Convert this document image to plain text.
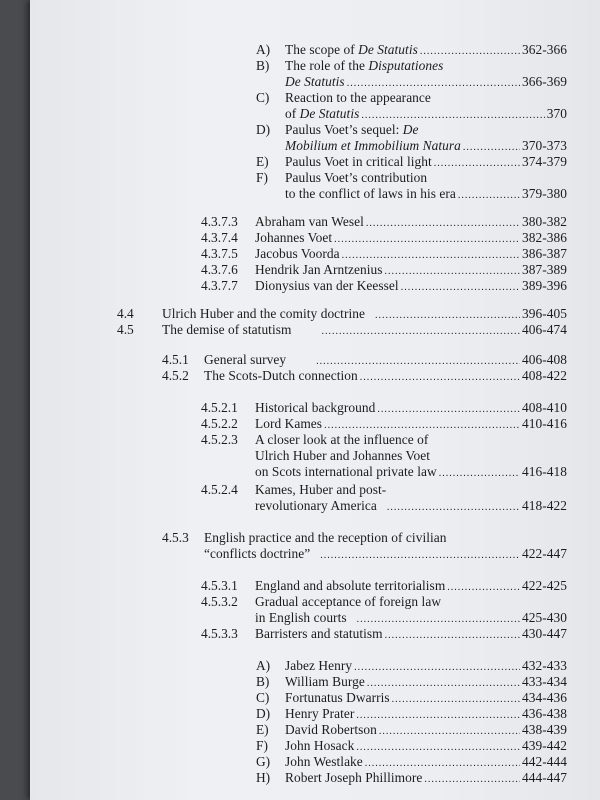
A) The scope of De Statutis .....	362-366
B) The role of the Disputationes
De Statutis .....	366-369
C) Reaction to the appearance
of De Statutis .....	370
D) Paulus Voet’s sequel: De
Mobilium et Immobilium Natura .....	370-373
E) Paulus Voet in critical light .....	374-379
F) Paulus Voet’s contribution
to the conflict of laws in his era .....	379-380
4.3.7.3 Abraham van Wesel .....	380-382
4.3.7.4 Johannes Voet .....	382-386
4.3.7.5 Jacobus Voorda .....	386-387
4.3.7.6 Hendrik Jan Arntzenius .....	387-389
4.3.7.7 Dionysius van der Keessel .....	389-396
4.4 Ulrich Huber and the comity doctrine .....	396-405
4.5 The demise of statutism .....	406-474
4.5.1 General survey .....	406-408
4.5.2 The Scots-Dutch connection .....	408-422
4.5.2.1 Historical background .....	408-410
4.5.2.2 Lord Kames .....	410-416
4.5.2.3 A closer look at the influence of
Ulrich Huber and Johannes Voet
on Scots international private law .....	416-418
4.5.2.4 Kames, Huber and post-
revolutionary America .....	418-422
4.5.3 English practice and the reception of civilian
“conflicts doctrine” .....	422-447
4.5.3.1 England and absolute territorialism .....	422-425
4.5.3.2 Gradual acceptance of foreign law
in English courts .....	425-430
4.5.3.3 Barristers and statutism .....	430-447
A) Jabez Henry .....	432-433
B) William Burge .....	433-434
C) Fortunatus Dwarris .....	434-436
D) Henry Prater .....	436-438
E) David Robertson .....	438-439
F) John Hosack .....	439-442
G) John Westlake .....	442-444
H) Robert Joseph Phillimore .....	444-447
